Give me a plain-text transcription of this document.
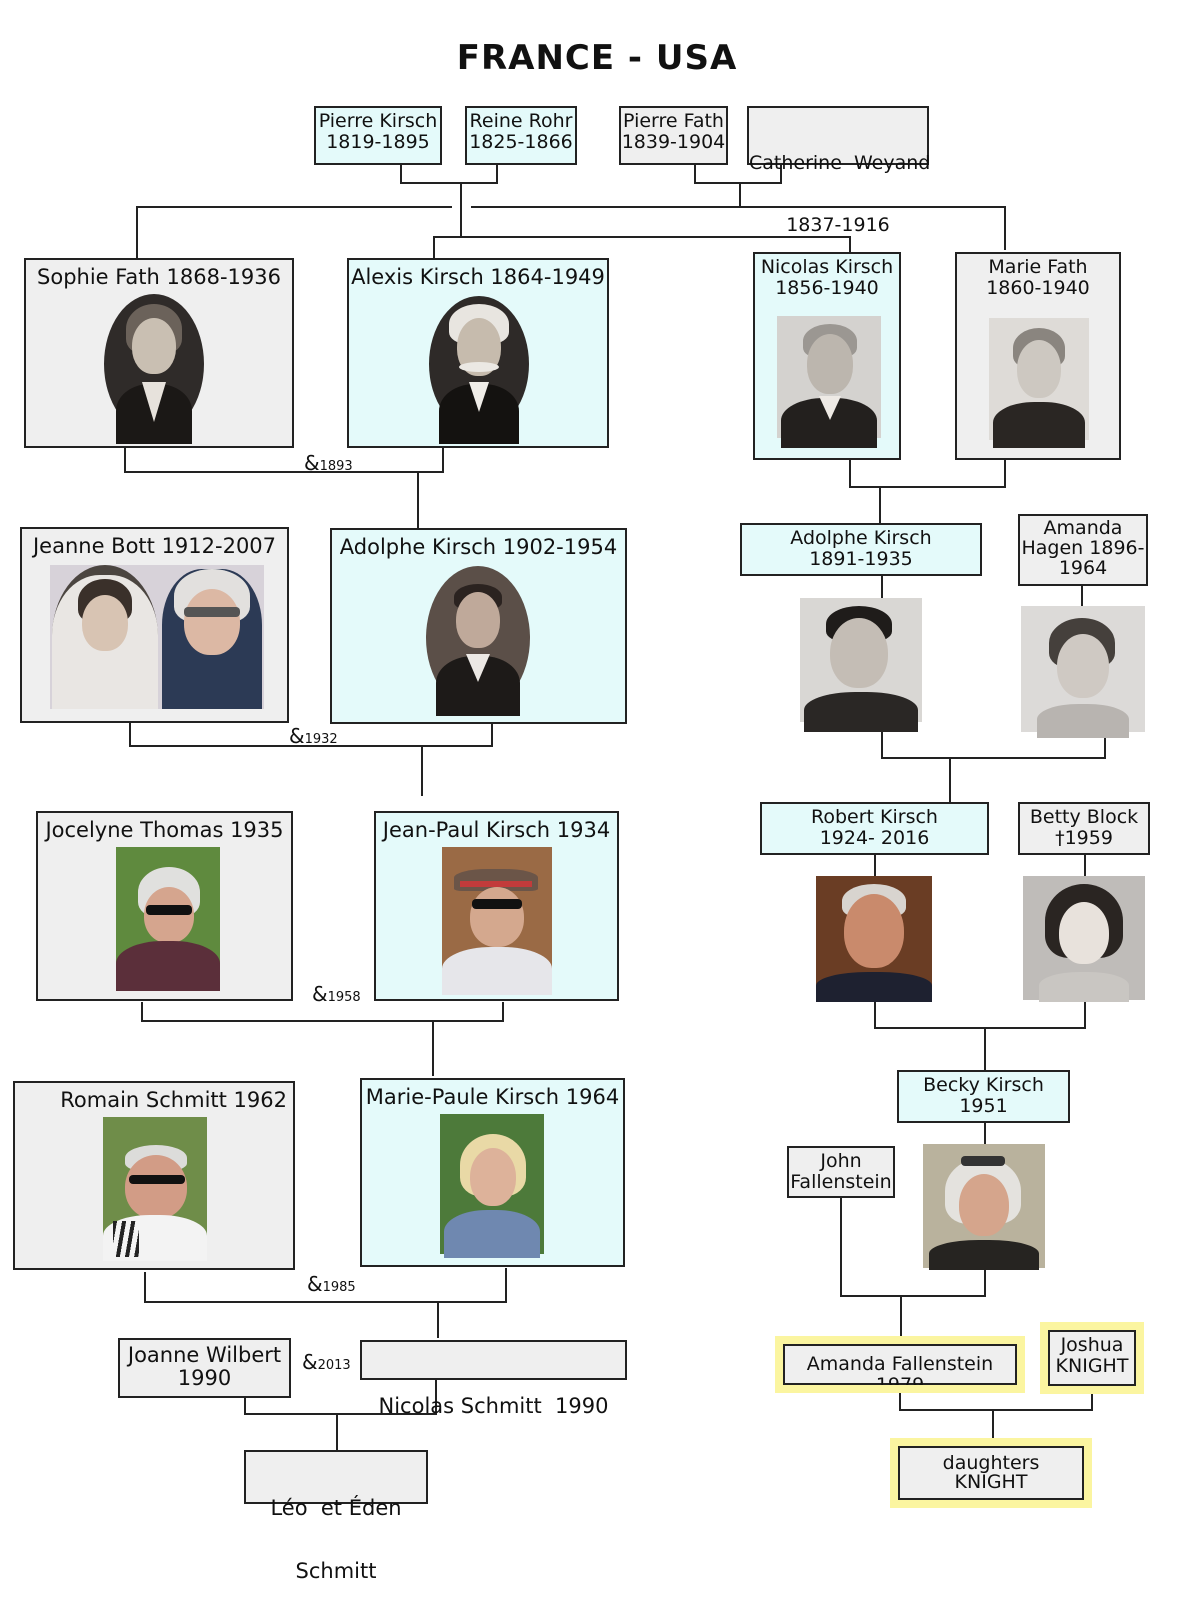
FRANCE - USA
Pierre Kirsch
1819-1895
Reine Rohr
1825-1866
Pierre Fath
1839-1904

Catherine  Weyand

1837-1916

Sophie Fath 1868-1936	Alexis Kirsch 1864-1949	Nicolas Kirsch
1856-1940
Marie Fath
1860-1940
&1893
Jeanne Bott 1912-2007	Adolphe Kirsch 1902-1954	Adolphe Kirsch
1891-1935
Amanda
Hagen 1896-
1964
&1932
Jocelyne Thomas 1935	Jean-Paul Kirsch 1934
Robert Kirsch
1924- 2016
Betty Block
†1959
&1958
Romain Schmitt 1962	Marie-Paule Kirsch 1964	Becky Kirsch
1951
John
Fallenstein
&1985
Joanne Wilbert
1990
&2013

Nicolas Schmitt  1990

Amanda Fallenstein 1979
Joshua
KNIGHT

Léo  et Éden

Schmitt

daughters
KNIGHT
